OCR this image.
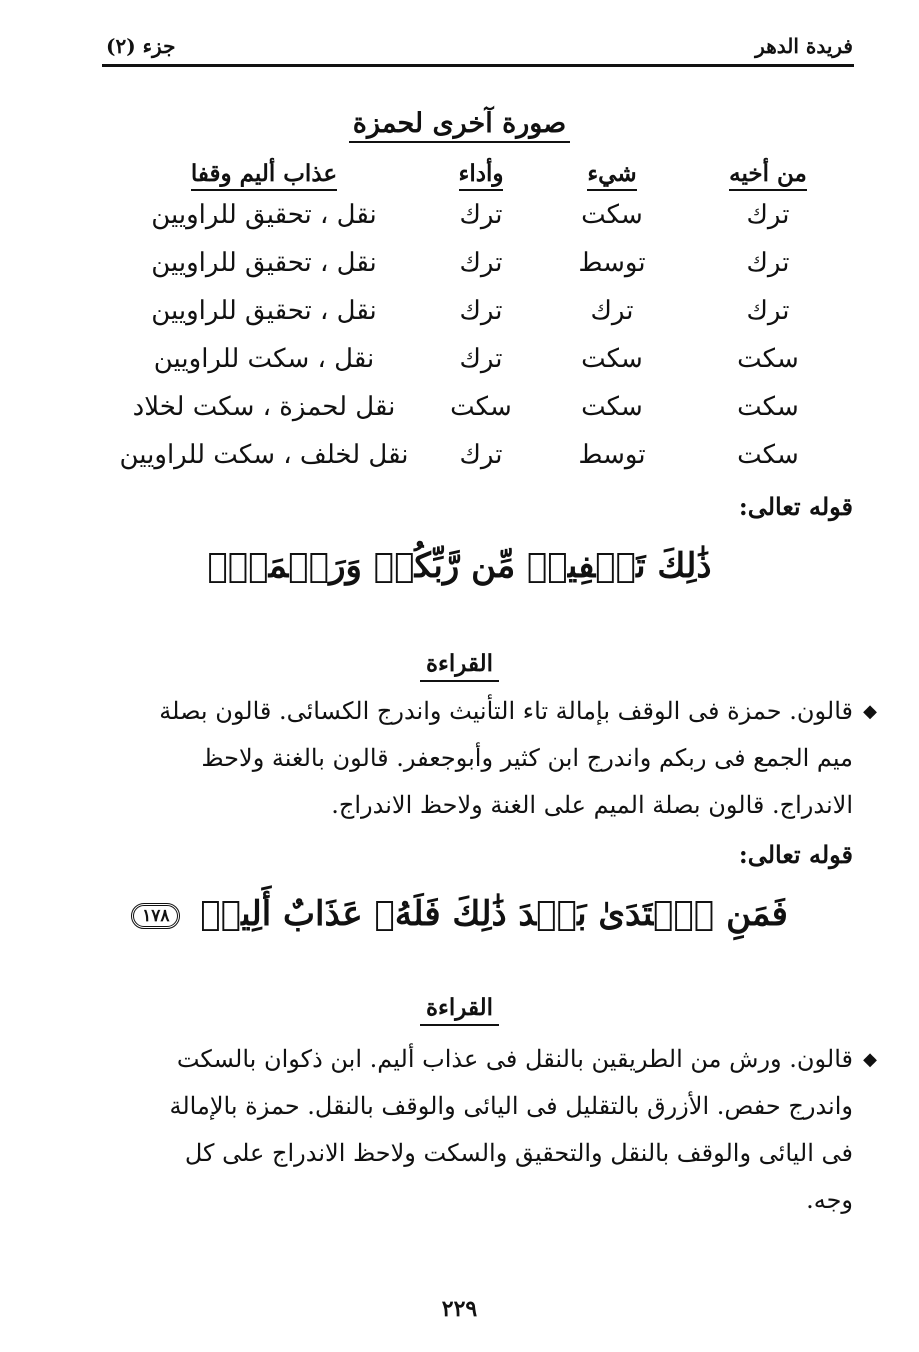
فريدة الدهر
جزء (٢)
صورة آخرى لحمزة
من أخيه
شيء
وأداء
عذاب أليم وقفا
ترك
سكت
ترك
نقل ، تحقيق للراويين
ترك
توسط
ترك
نقل ، تحقيق للراويين
ترك
ترك
ترك
نقل ، تحقيق للراويين
سكت
سكت
ترك
نقل ، سكت للراويين
سكت
سكت
سكت
نقل لحمزة ، سكت لخلاد
سكت
توسط
ترك
نقل لخلف ، سكت للراويين
قوله تعالى:
ذَٰلِكَ تَخۡفِيفٞ مِّن رَّبِّكُمۡ وَرَحۡمَةٞۗ
القراءة
◆

قالون. حمزة فى الوقف بإمالة تاء التأنيث واندرج الكسائى. قالون بصلة

ميم الجمع فى ربكم واندرج ابن كثير وأبوجعفر. قالون بالغنة ولاحظ

الاندراج. قالون بصلة الميم على الغنة ولاحظ الاندراج.

قوله تعالى:
فَمَنِ ٱعۡتَدَىٰ بَعۡدَ ذَٰلِكَ فَلَهُۥ عَذَابٌ أَلِيمٞ ١٧٨
القراءة
◆

قالون. ورش من الطريقين بالنقل فى عذاب أليم. ابن ذكوان بالسكت

واندرج حفص. الأزرق بالتقليل فى اليائى والوقف بالنقل. حمزة بالإمالة

فى اليائى والوقف بالنقل والتحقيق والسكت ولاحظ الاندراج على كل

وجه.

٢٢٩
